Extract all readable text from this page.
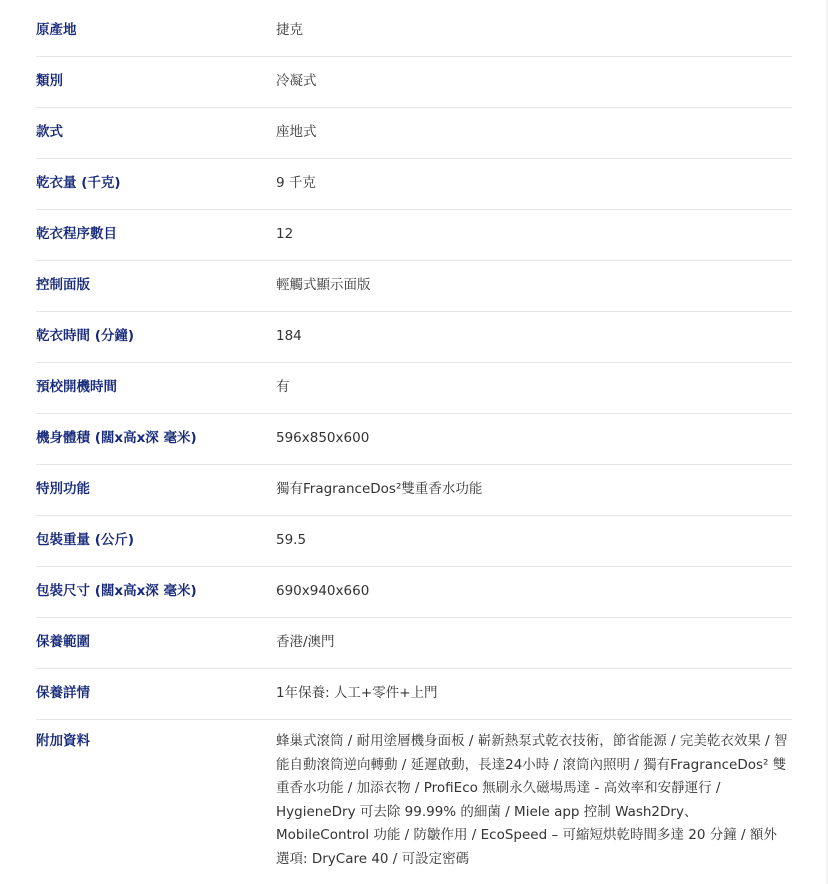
原產地	捷克
類別	冷凝式
款式	座地式
乾衣量 (千克)	9 千克
乾衣程序數目	12
控制面版	輕觸式顯示面版
乾衣時間 (分鐘)	184
預校開機時間	有
機身體積 (闊x高x深 毫米)	596x850x600
特別功能	獨有FragranceDos²雙重香水功能
包裝重量 (公斤)	59.5
包裝尺寸 (闊x高x深 毫米)	690x940x660
保養範圍	香港/澳門
保養詳情	1年保養: 人工+零件+上門
附加資料	蜂巢式滾筒 / 耐用塗層機身面板 / 嶄新熱泵式乾衣技術，節省能源 / 完美乾衣效果 / 智能自動滾筒逆向轉動 / 延遲啟動，長達24小時 / 滾筒內照明 / 獨有FragranceDos² 雙重香水功能 / 加添衣物 / ProfiEco 無刷永久磁場馬達 - 高效率和安靜運行 / HygieneDry 可去除 99.99% 的細菌 / Miele app 控制 Wash2Dry、MobileControl 功能 / 防皺作用 / EcoSpeed – 可縮短烘乾時間多達 20 分鐘 / 額外選項: DryCare 40 / 可設定密碼
